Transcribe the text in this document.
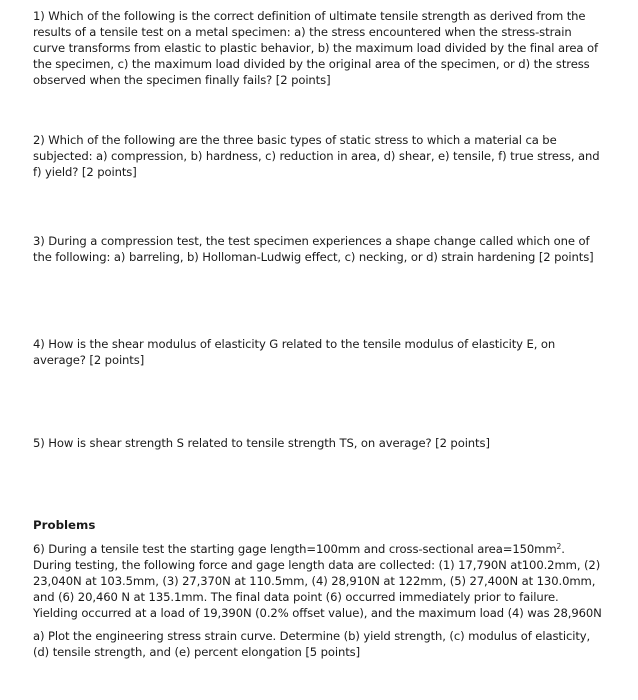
1) Which of the following is the correct definition of ultimate tensile strength as derived from the results of a tensile test on a metal specimen: a) the stress encountered when the stress-strain curve transforms from elastic to plastic behavior, b) the maximum load divided by the final area of the specimen, c) the maximum load divided by the original area of the specimen, or d) the stress observed when the specimen finally fails? [2 points]

2) Which of the following are the three basic types of static stress to which a material ca be subjected: a) compression, b) hardness, c) reduction in area, d) shear, e) tensile, f) true stress, and f) yield? [2 points]

3) During a compression test, the test specimen experiences a shape change called which one of the following: a) barreling, b) Holloman-Ludwig effect, c) necking, or d) strain hardening [2 points]

4) How is the shear modulus of elasticity G related to the tensile modulus of elasticity E, on average? [2 points]

5) How is shear strength S related to tensile strength TS, on average? [2 points]

Problems

6) During a tensile test the starting gage length=100mm and cross-sectional $area=150mm^2$. During testing, the following force and gage length data are collected: (1) 17,790N at100.2mm, (2) 23,040N at 103.5mm, (3) 27,370N at 110.5mm, (4) 28,910N at 122mm, (5) 27,400N at 130.0mm, and (6) 20,460 N at 135.1mm. The final data point (6) occurred immediately prior to failure. Yielding occurred at a load of 19,390N (0.2% offset value), and the maximum load (4) was 28,960N

a) Plot the engineering stress strain curve. Determine (b) yield strength, (c) modulus of elasticity, (d) tensile strength, and (e) percent elongation [5 points]
